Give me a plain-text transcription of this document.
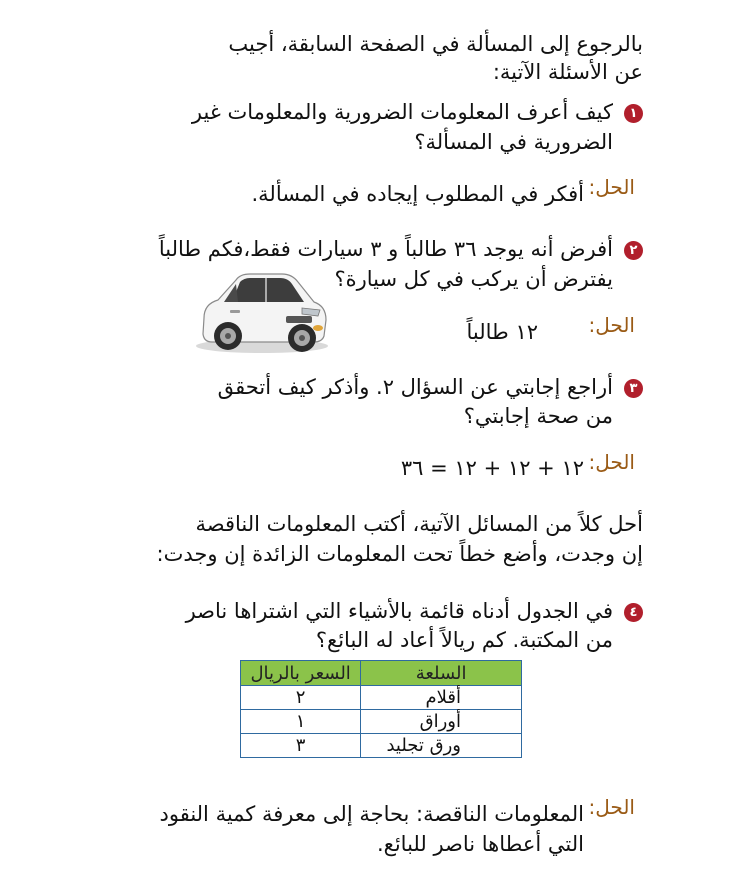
بالرجوع إلى المسألة في الصفحة السابقة، أجيب

عن الأسئلة الآتية:

١

كيف أعرف المعلومات الضرورية والمعلومات غير

الضرورية في المسألة؟

الحل:

أفكر في المطلوب إيجاده في المسألة.

٢

أفرض أنه يوجد ٣٦ طالباً و ٣ سيارات فقط،فكم طالباً

يفترض أن يركب في كل سيارة؟

الحل:

١٢ طالباً

٣

أراجع إجابتي عن السؤال ٢. وأذكر كيف أتحقق

من صحة إجابتي؟

الحل:

١٢ + ١٢ + ١٢ = ٣٦

أحل كلاً من المسائل الآتية، أكتب المعلومات الناقصة

إن وجدت، وأضع خطاً تحت المعلومات الزائدة إن وجدت:

٤

في الجدول أدناه قائمة بالأشياء التي اشتراها ناصر

من المكتبة. كم ريالاً أعاد له البائع؟

السلعة	السعر بالريال
أقلام	٢
أوراق	١
ورق تجليد	٣

الحل:

المعلومات الناقصة: بحاجة إلى معرفة كمية النقود

التي أعطاها ناصر للبائع.
